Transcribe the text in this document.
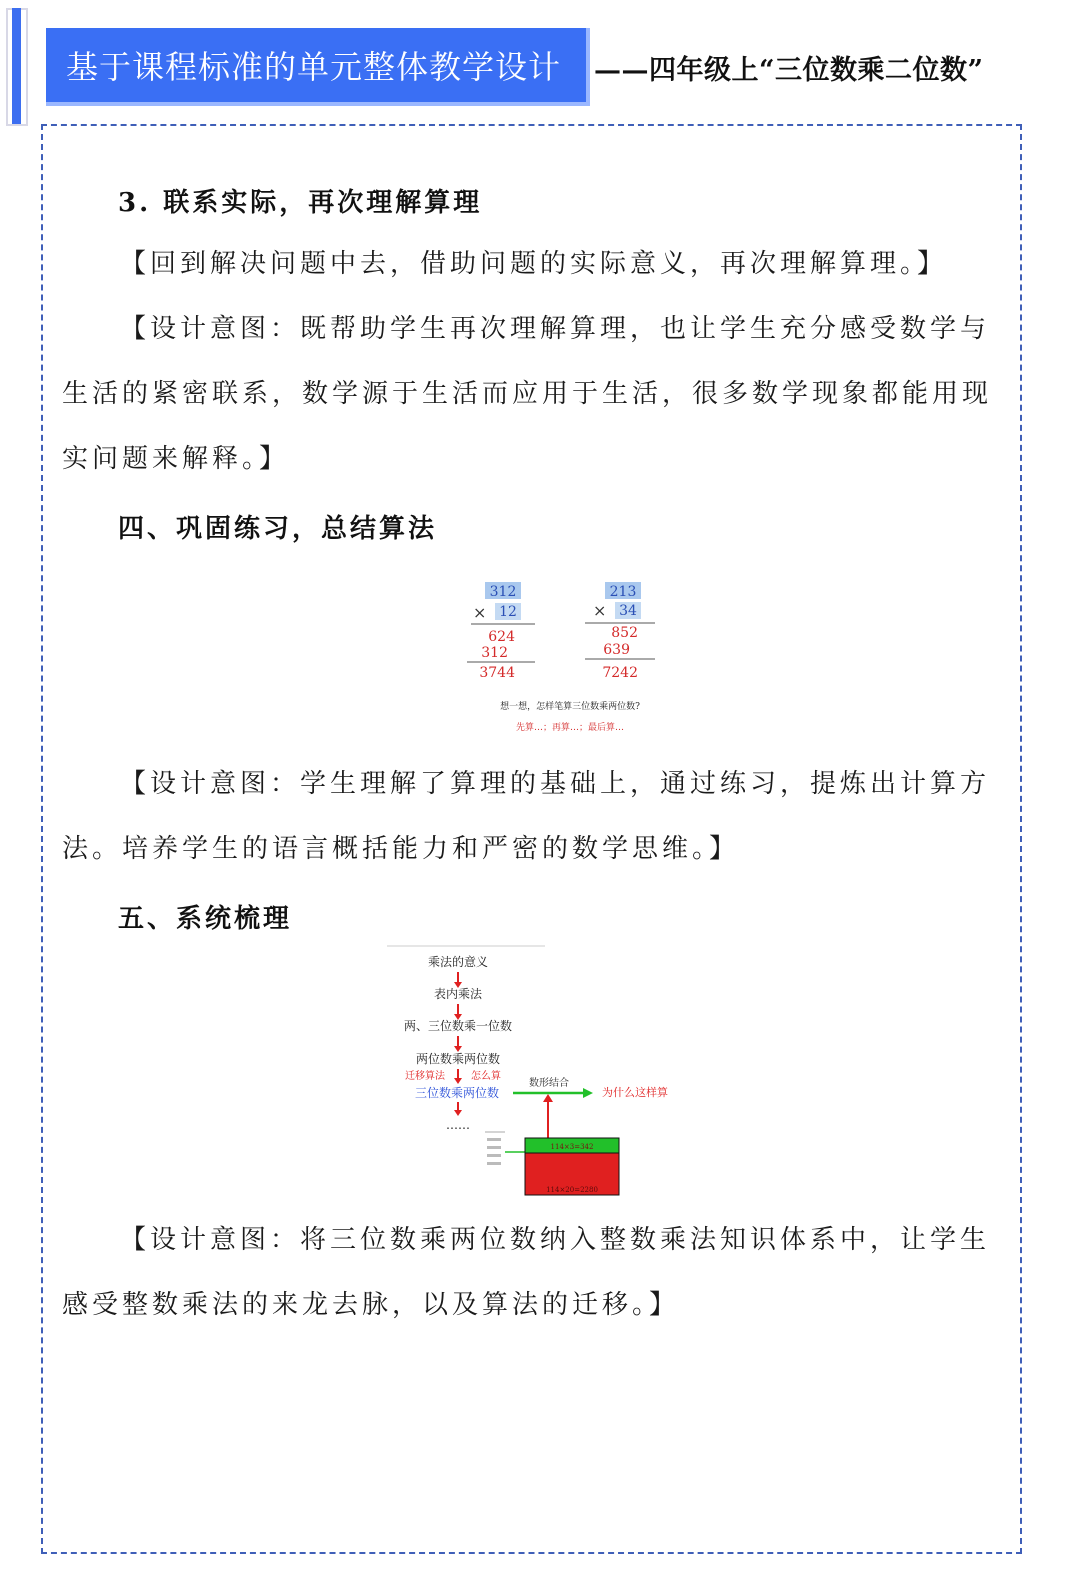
基于课程标准的单元整体教学设计	——四年级上“三位数乘二位数”
3. 联系实际，再次理解算理
【回到解决问题中去，借助问题的实际意义，再次理解算理。】
【设计意图：既帮助学生再次理解算理，也让学生充分感受数学与生活的紧密联系，数学源于生活而应用于生活，很多数学现象都能用现实问题来解释。】
四、巩固练习，总结算法
312
× 12
624
312
3744
213
× 34
852
639
7242
想一想，怎样笔算三位数乘两位数?
先算…；再算…；最后算…
【设计意图：学生理解了算理的基础上，通过练习，提炼出计算方法。培养学生的语言概括能力和严密的数学思维。】
五、系统梳理
乘法的意义
表内乘法
两、三位数乘一位数
两位数乘两位数
迁移算法	怎么算
三位数乘两位数
数形结合
为什么这样算
……
114×3=342
114×20=2280
【设计意图：将三位数乘两位数纳入整数乘法知识体系中，让学生感受整数乘法的来龙去脉，以及算法的迁移。】
